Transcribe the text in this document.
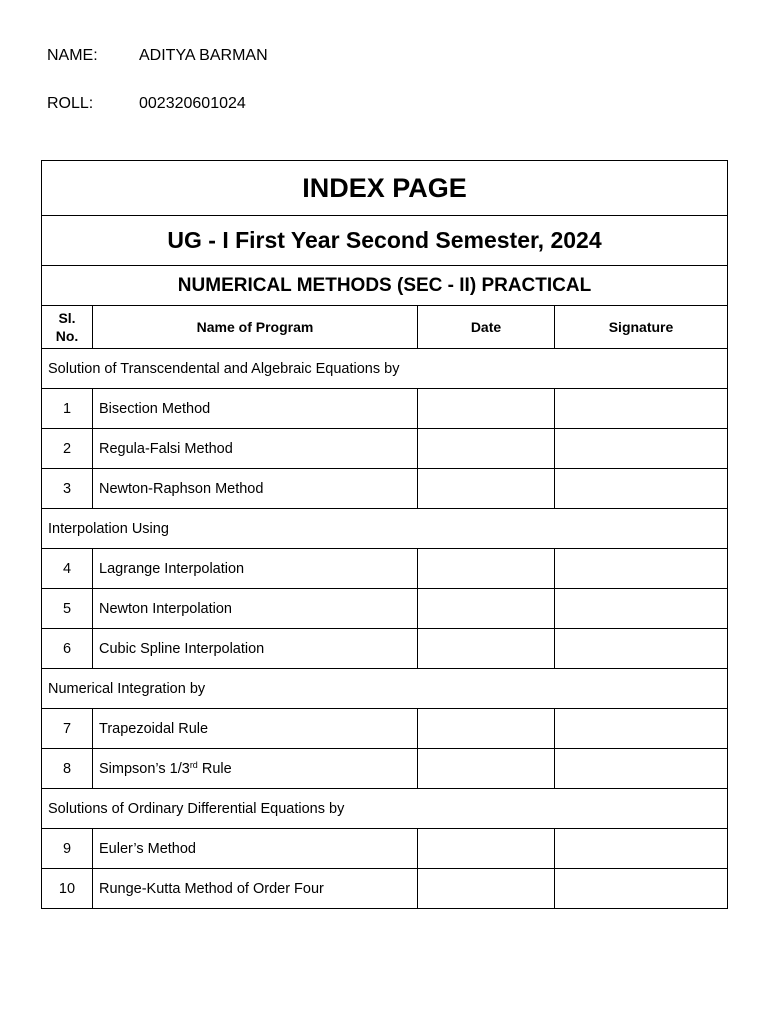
NAME:	ADITYA BARMAN
ROLL:	002320601024
INDEX PAGE			
UG - I First Year Second Semester, 2024			
NUMERICAL METHODS (SEC - II) PRACTICAL			
Sl.
No.	Name of Program	Date	Signature
Solution of Transcendental and Algebraic Equations by			
1	Bisection Method		
2	Regula-Falsi Method		
3	Newton-Raphson Method		
Interpolation Using			
4	Lagrange Interpolation		
5	Newton Interpolation		
6	Cubic Spline Interpolation		
Numerical Integration by			
7	Trapezoidal Rule		
8	Simpson’s 1/3rd Rule		
Solutions of Ordinary Differential Equations by			
9	Euler’s Method		
10	Runge-Kutta Method of Order Four		
